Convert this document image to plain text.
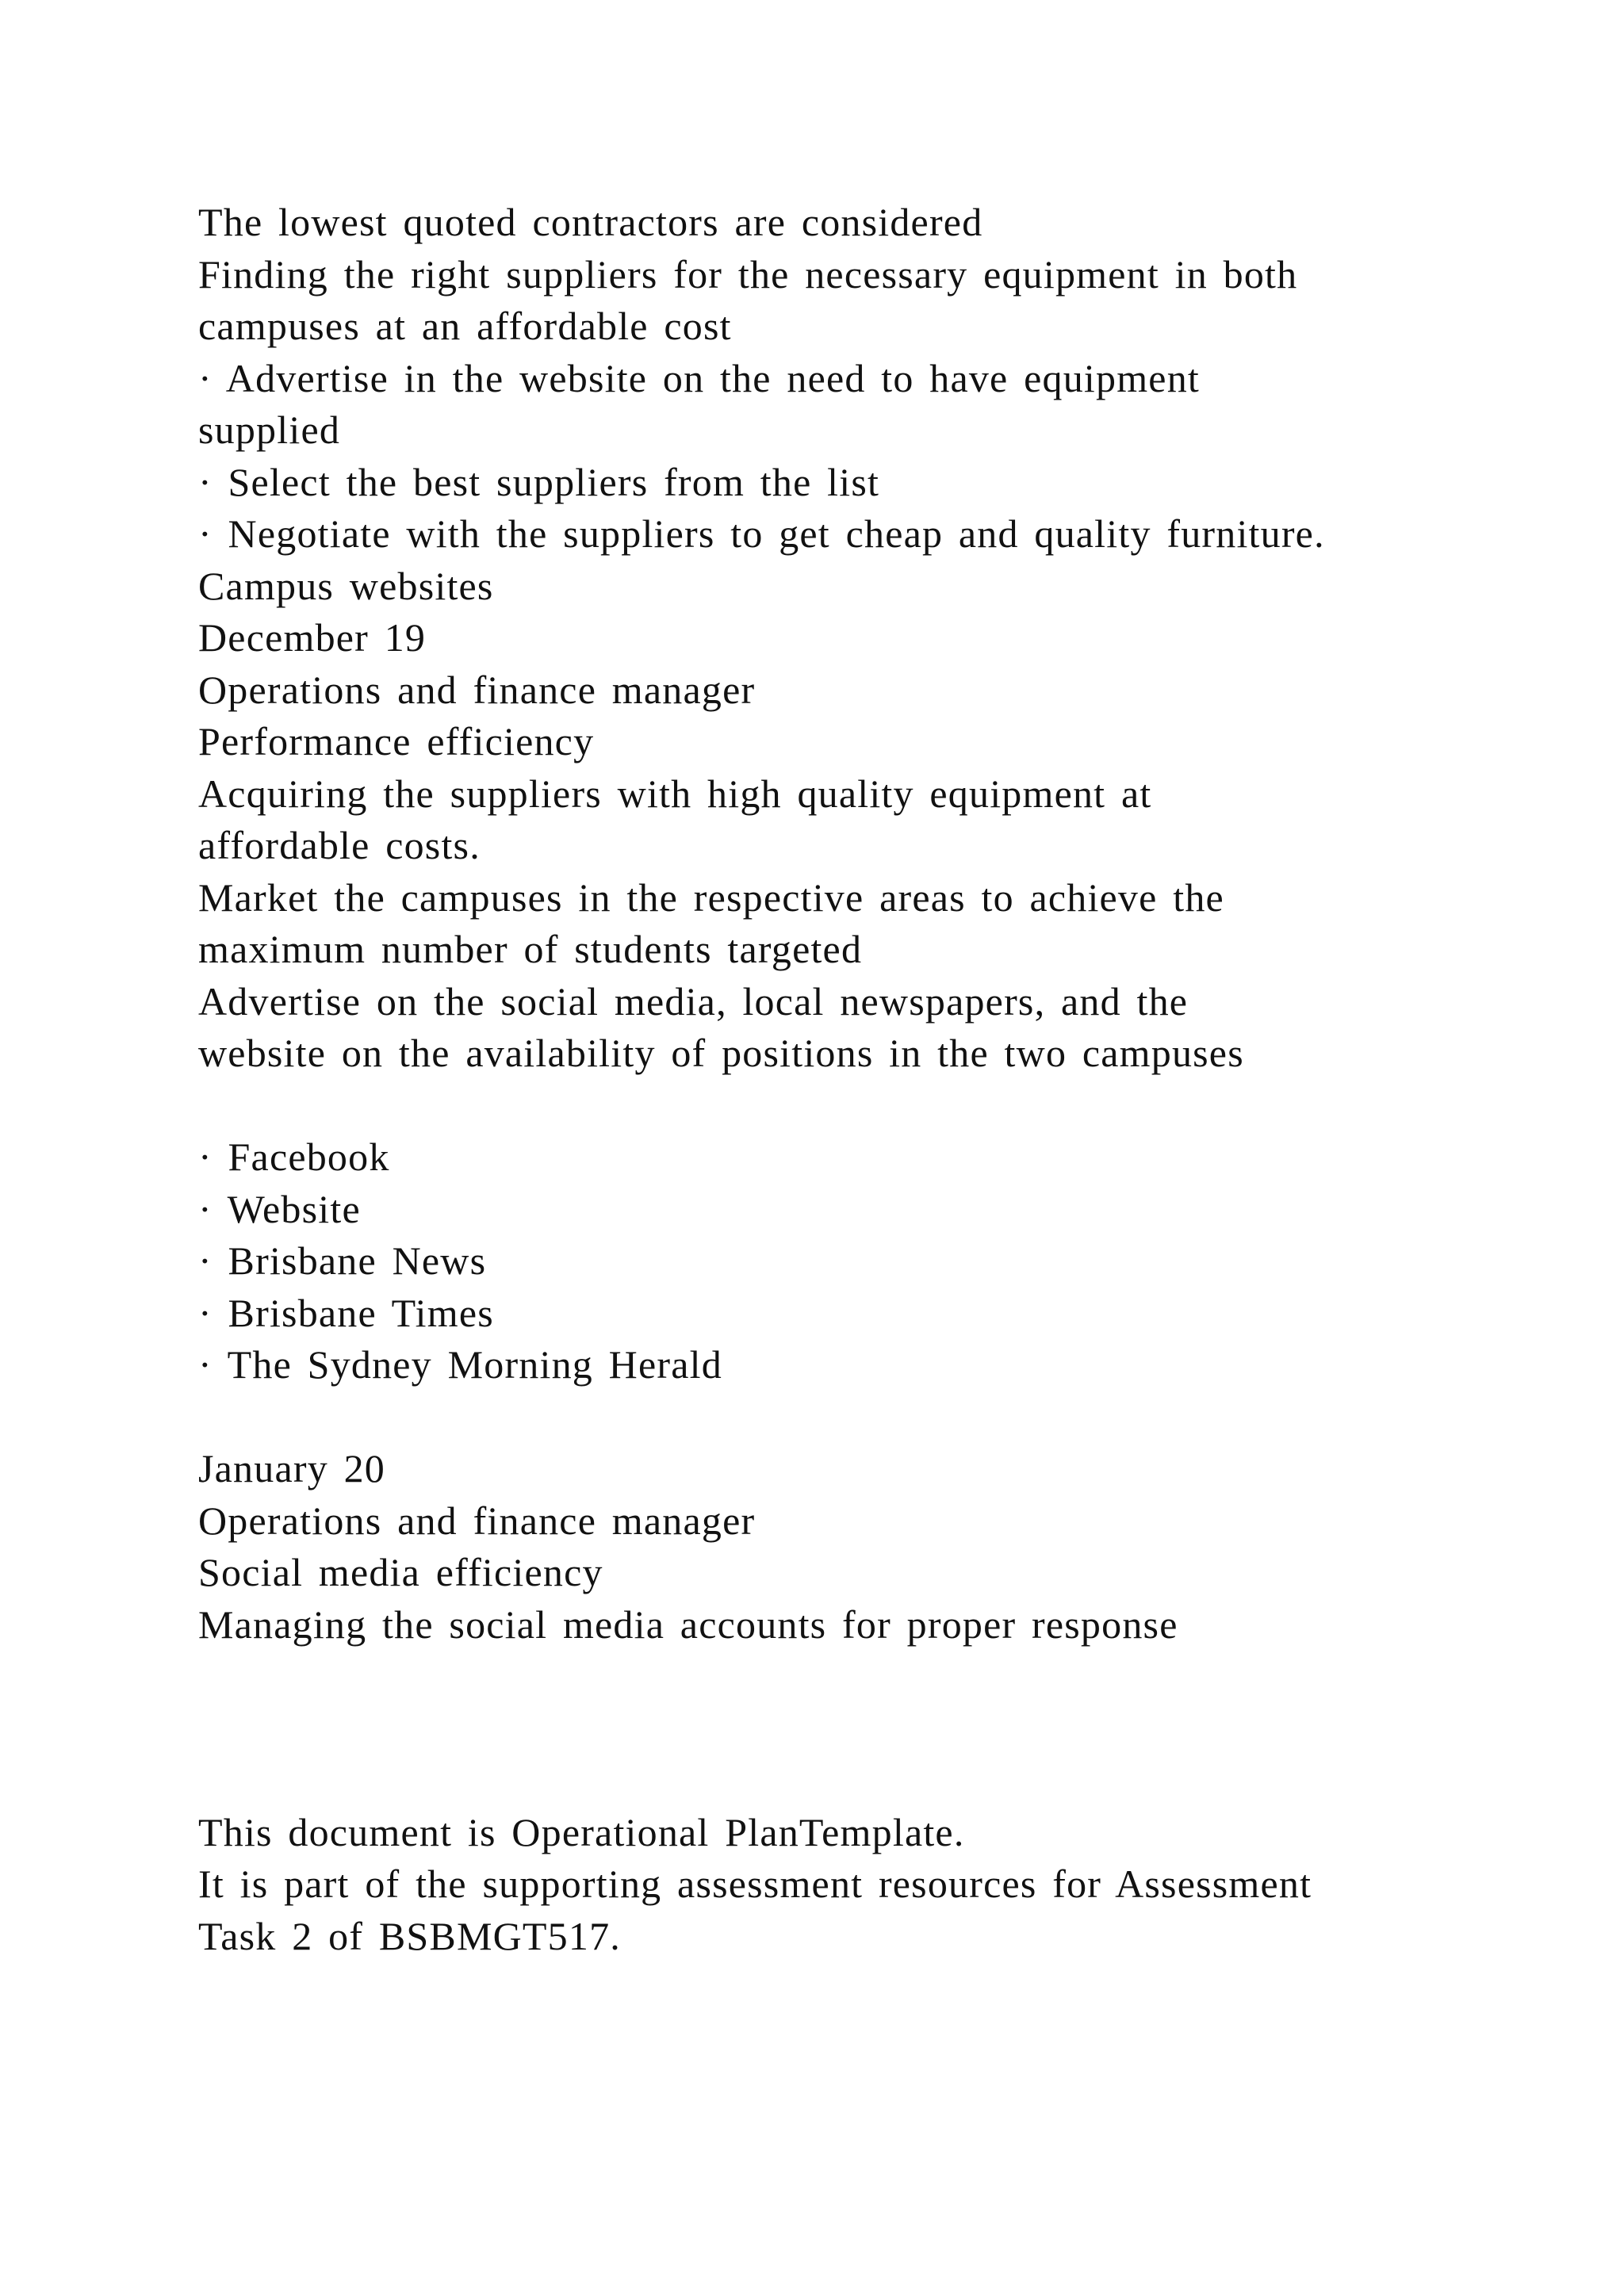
The lowest quoted contractors are considered
Finding the right suppliers for the necessary equipment in both
campuses at an affordable cost
· Advertise in the website on the need to have equipment
supplied
· Select the best suppliers from the list
· Negotiate with the suppliers to get cheap and quality furniture.
Campus websites
December 19
Operations and finance manager
Performance efficiency
Acquiring the suppliers with high quality equipment at
affordable costs.
Market the campuses in the respective areas to achieve the
maximum number of students targeted
Advertise on the social media, local newspapers, and the
website on the availability of positions in the two campuses
· Facebook
· Website
· Brisbane News
· Brisbane Times
· The Sydney Morning Herald
January 20
Operations and finance manager
Social media efficiency
Managing the social media accounts for proper response
This document is Operational PlanTemplate.
It is part of the supporting assessment resources for Assessment
Task 2 of BSBMGT517.
